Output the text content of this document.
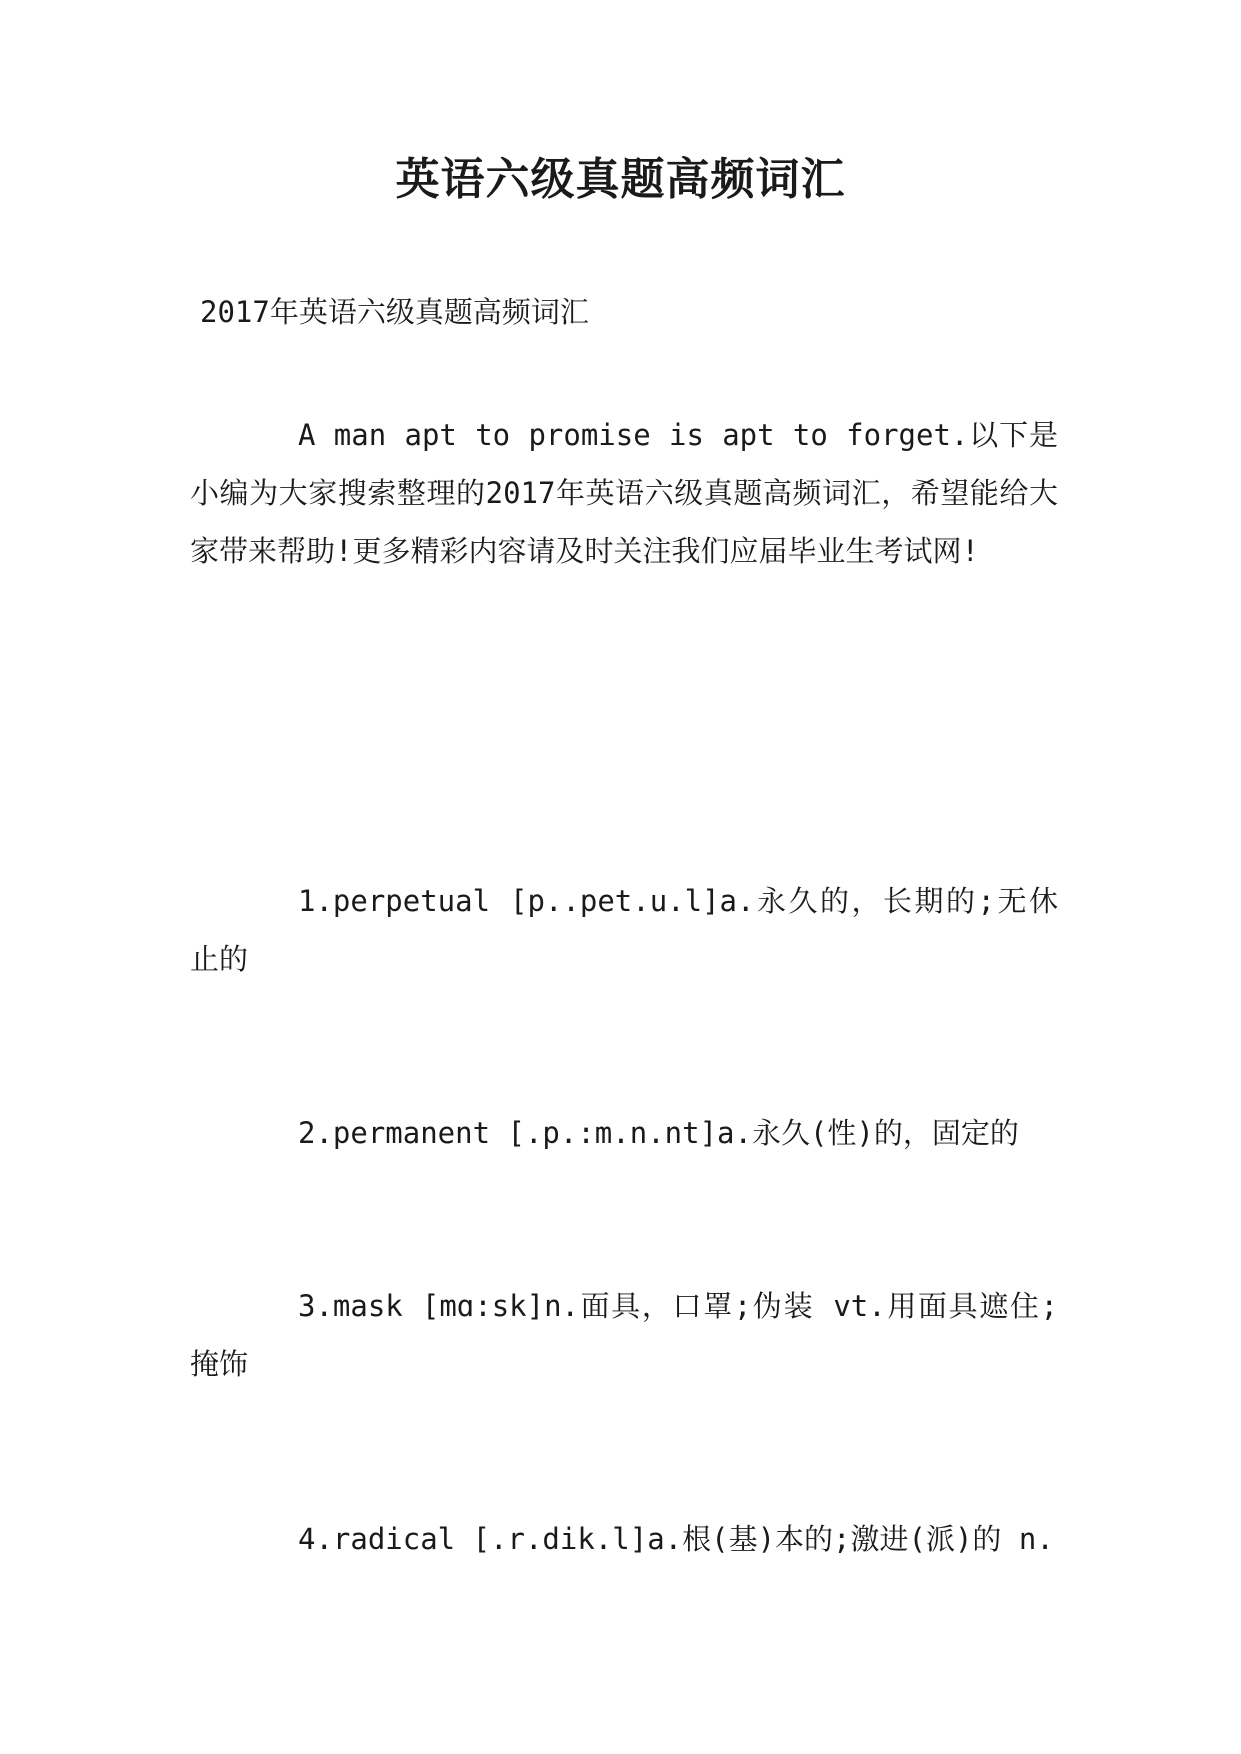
英语六级真题高频词汇
2017年英语六级真题高频词汇

A man apt to promise is apt to forget.以下是小编为大家搜索整理的2017年英语六级真题高频词汇，希望能给大家带来帮助!更多精彩内容请及时关注我们应届毕业生考试网!

1.perpetual [p..pet.u.l]a.永久的，长期的;无休止的

2.permanent [.p.:m.n.nt]a.永久(性)的，固定的

3.mask [mɑ:sk]n.面具，口罩;伪装 vt.用面具遮住;掩饰

4.radical [.r.dik.l]a.根(基)本的;激进(派)的 n.
